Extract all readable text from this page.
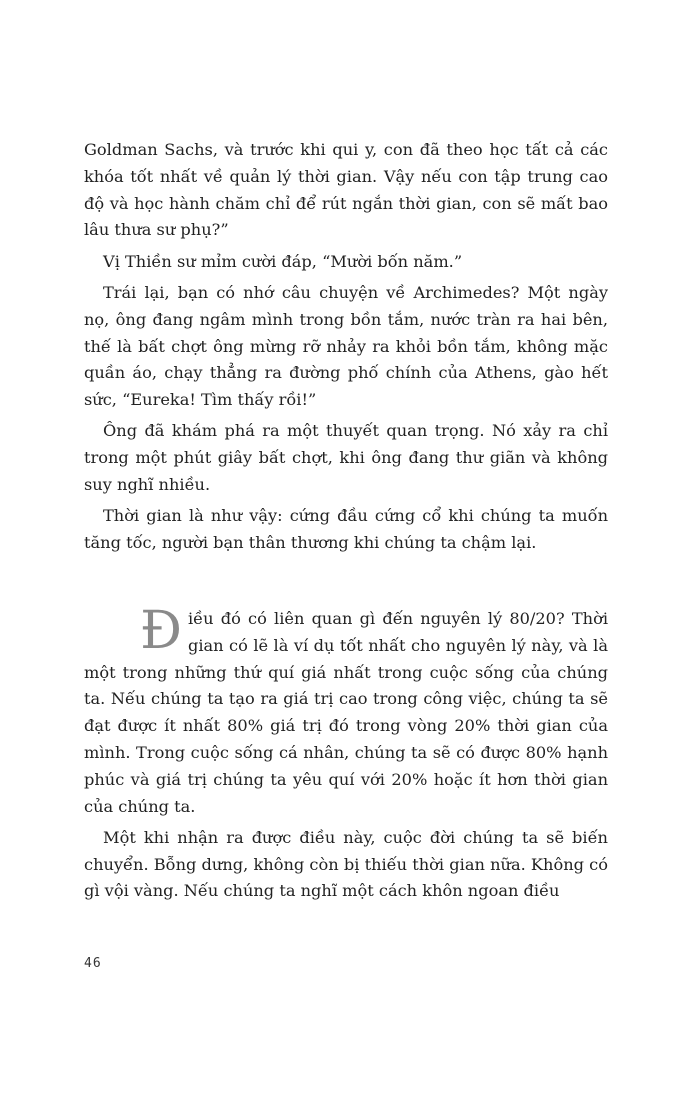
Goldman Sachs, và trước khi qui y, con đã theo học tất cả các khóa tốt nhất về quản lý thời gian. Vậy nếu con tập trung cao độ và học hành chăm chỉ để rút ngắn thời gian, con sẽ mất bao lâu thưa sư phụ?”

Vị Thiền sư mỉm cười đáp, “Mười bốn năm.”

Trái lại, bạn có nhớ câu chuyện về Archimedes? Một ngày nọ, ông đang ngâm mình trong bồn tắm, nước tràn ra hai bên, thế là bất chợt ông mừng rỡ nhảy ra khỏi bồn tắm, không mặc quần áo, chạy thẳng ra đường phố chính của Athens, gào hết sức, “Eureka! Tìm thấy rồi!”

Ông đã khám phá ra một thuyết quan trọng. Nó xảy ra chỉ trong một phút giây bất chợt, khi ông đang thư giãn và không suy nghĩ nhiều.

Thời gian là như vậy: cứng đầu cứng cổ khi chúng ta muốn tăng tốc, người bạn thân thương khi chúng ta chậm lại.

Điều đó có liên quan gì đến nguyên lý 80/20? Thời gian có lẽ là ví dụ tốt nhất cho nguyên lý này, và là một trong những thứ quí giá nhất trong cuộc sống của chúng ta. Nếu chúng ta tạo ra giá trị cao trong công việc, chúng ta sẽ đạt được ít nhất 80% giá trị đó trong vòng 20% thời gian của mình. Trong cuộc sống cá nhân, chúng ta sẽ có được 80% hạnh phúc và giá trị chúng ta yêu quí với 20% hoặc ít hơn thời gian của chúng ta.

Một khi nhận ra được điều này, cuộc đời chúng ta sẽ biến chuyển. Bỗng dưng, không còn bị thiếu thời gian nữa. Không có gì vội vàng. Nếu chúng ta nghĩ một cách khôn ngoan điều

46
